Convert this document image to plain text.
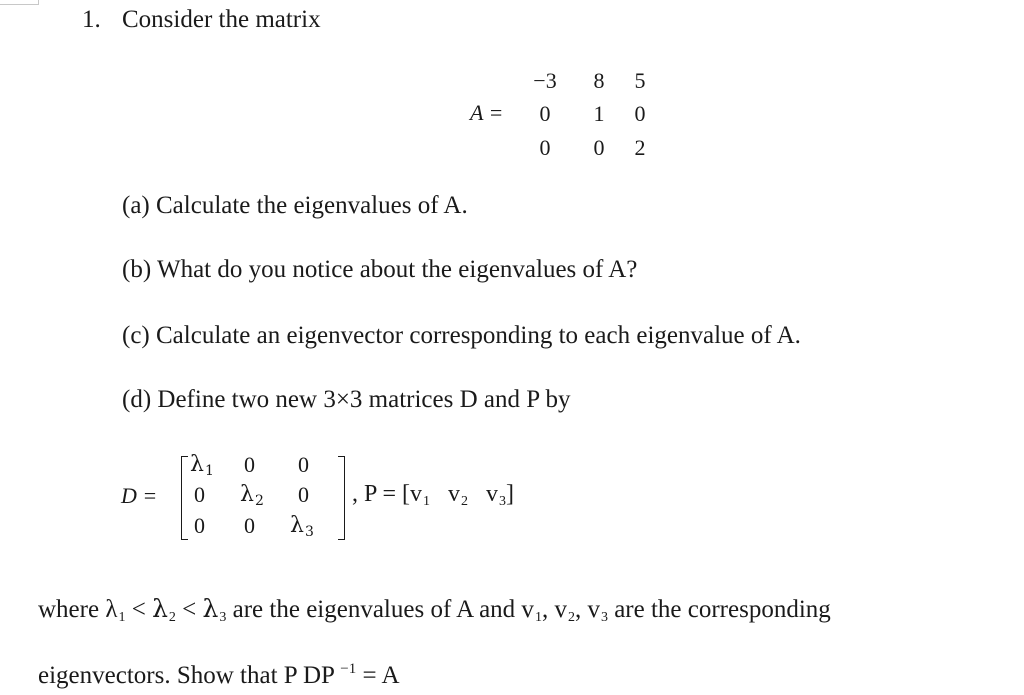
1. Consider the matrix
A =
−3	8	5
0	1	0
0	0	2
(a) Calculate the eigenvalues of A.
(b) What do you notice about the eigenvalues of A?
(c) Calculate an eigenvector corresponding to each eigenvalue of A.
(d) Define two new 3×3 matrices D and P by
D =
$\lambda_1$ 0 0
0 $\lambda_2$ 0
0 0 $\lambda_3$
, $P = [v_1$ $v_2$ $v_3$]
where $\lambda_1 < \lambda_2 < \lambda_3$ are the eigenvalues of A and $v_1$, $v_2$, $v_3$ are the corresponding
eigenvectors. Show that P DP $^{-1}$ = A
